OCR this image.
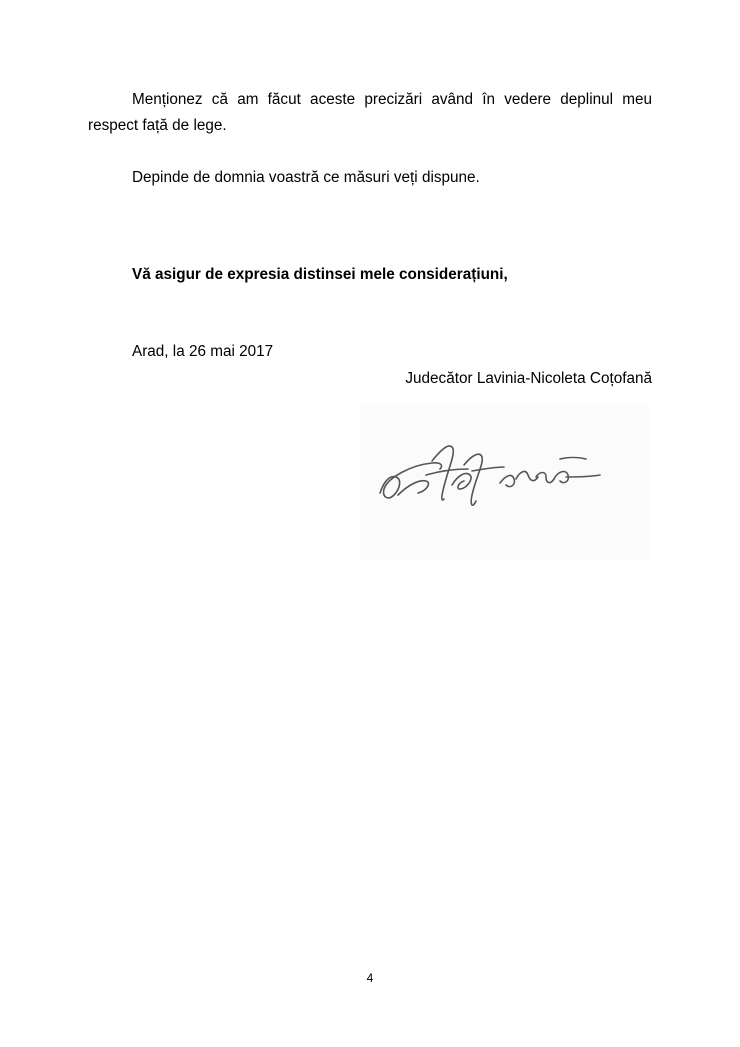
Menționez că am făcut aceste precizări având în vedere deplinul meu respect față de lege.

Depinde de domnia voastră ce măsuri veți dispune.

Vă asigur de expresia distinsei mele considerațiuni,

Arad, la 26 mai 2017

Judecător Lavinia-Nicoleta Coțofană

4
